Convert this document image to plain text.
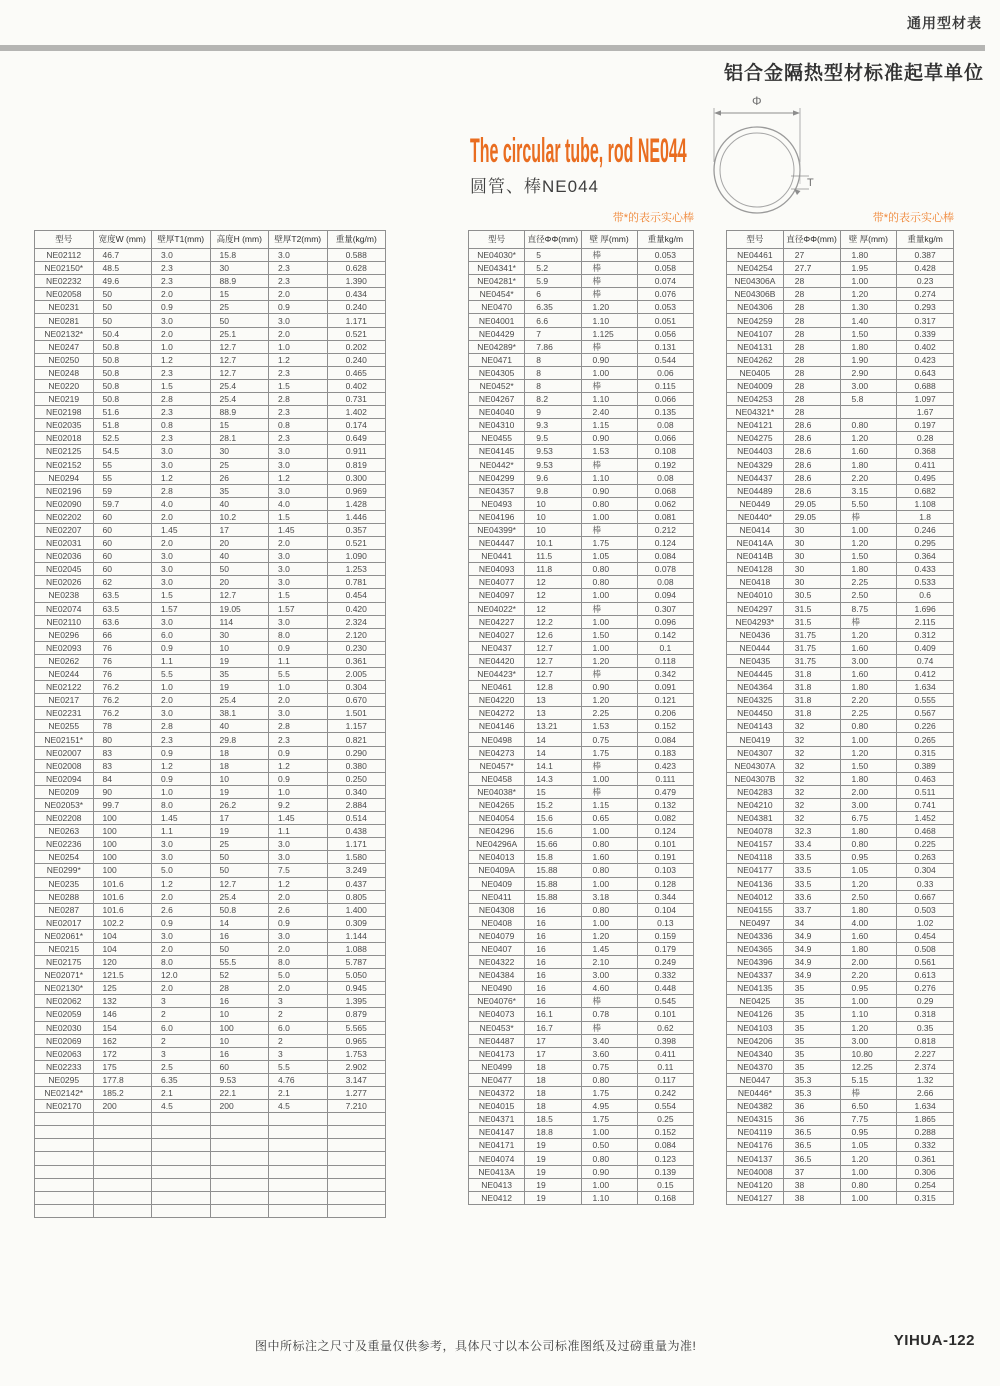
通用型材表
铝合金隔热型材标准起草单位
The circular tube, rod NE044
圆管、棒NE044
Φ
T
带*的表示实心棒	带*的表示实心棒
型号	宽度W (mm)	壁厚T1(mm)	高度H (mm)	壁厚T2(mm)	重量(kg/m)
NE02112	46.7	3.0	15.8	3.0	0.588
NE02150*	48.5	2.3	30	2.3	0.628
NE02232	49.6	2.3	88.9	2.3	1.390
NE02058	50	2.0	15	2.0	0.434
NE0231	50	0.9	25	0.9	0.240
NE0281	50	3.0	50	3.0	1.171
NE02132*	50.4	2.0	25.1	2.0	0.521
NE0247	50.8	1.0	12.7	1.0	0.202
NE0250	50.8	1.2	12.7	1.2	0.240
NE0248	50.8	2.3	12.7	2.3	0.465
NE0220	50.8	1.5	25.4	1.5	0.402
NE0219	50.8	2.8	25.4	2.8	0.731
NE02198	51.6	2.3	88.9	2.3	1.402
NE02035	51.8	0.8	15	0.8	0.174
NE02018	52.5	2.3	28.1	2.3	0.649
NE02125	54.5	3.0	30	3.0	0.911
NE02152	55	3.0	25	3.0	0.819
NE0294	55	1.2	26	1.2	0.300
NE02196	59	2.8	35	3.0	0.969
NE02090	59.7	4.0	40	4.0	1.428
NE02202	60	2.0	10.2	1.5	1.446
NE02207	60	1.45	17	1.45	0.357
NE02031	60	2.0	20	2.0	0.521
NE02036	60	3.0	40	3.0	1.090
NE02045	60	3.0	50	3.0	1.253
NE02026	62	3.0	20	3.0	0.781
NE0238	63.5	1.5	12.7	1.5	0.454
NE02074	63.5	1.57	19.05	1.57	0.420
NE02110	63.6	3.0	114	3.0	2.324
NE0296	66	6.0	30	8.0	2.120
NE02093	76	0.9	10	0.9	0.230
NE0262	76	1.1	19	1.1	0.361
NE0244	76	5.5	35	5.5	2.005
NE02122	76.2	1.0	19	1.0	0.304
NE0217	76.2	2.0	25.4	2.0	0.670
NE02231	76.2	3.0	38.1	3.0	1.501
NE0255	78	2.8	40	2.8	1.157
NE02151*	80	2.3	29.8	2.3	0.821
NE02007	83	0.9	18	0.9	0.290
NE02008	83	1.2	18	1.2	0.380
NE02094	84	0.9	10	0.9	0.250
NE0209	90	1.0	19	1.0	0.340
NE02053*	99.7	8.0	26.2	9.2	2.884
NE02208	100	1.45	17	1.45	0.514
NE0263	100	1.1	19	1.1	0.438
NE02236	100	3.0	25	3.0	1.171
NE0254	100	3.0	50	3.0	1.580
NE0299*	100	5.0	50	7.5	3.249
NE0235	101.6	1.2	12.7	1.2	0.437
NE0288	101.6	2.0	25.4	2.0	0.805
NE0287	101.6	2.6	50.8	2.6	1.400
NE02017	102.2	0.9	14	0.9	0.309
NE02061*	104	3.0	16	3.0	1.144
NE0215	104	2.0	50	2.0	1.088
NE02175	120	8.0	55.5	8.0	5.787
NE02071*	121.5	12.0	52	5.0	5.050
NE02130*	125	2.0	28	2.0	0.945
NE02062	132	3	16	3	1.395
NE02059	146	2	10	2	0.879
NE02030	154	6.0	100	6.0	5.565
NE02069	162	2	10	2	0.965
NE02063	172	3	16	3	1.753
NE02233	175	2.5	60	5.5	2.902
NE0295	177.8	6.35	9.53	4.76	3.147
NE02142*	185.2	2.1	22.1	2.1	1.277
NE02170	200	4.5	200	4.5	7.210

型号	直径ΦΦ(mm)	壁 厚(mm)	重量kg/m
NE04030*	5	棒	0.053
NE04341*	5.2	棒	0.058
NE04281*	5.9	棒	0.074
NE0454*	6	棒	0.076
NE0470	6.35	1.20	0.053
NE04001	6.6	1.10	0.051
NE04429	7	1.125	0.056
NE04289*	7.86	棒	0.131
NE0471	8	0.90	0.544
NE04305	8	1.00	0.06
NE0452*	8	棒	0.115
NE04267	8.2	1.10	0.066
NE04040	9	2.40	0.135
NE04310	9.3	1.15	0.08
NE0455	9.5	0.90	0.066
NE04145	9.53	1.53	0.108
NE0442*	9.53	棒	0.192
NE04299	9.6	1.10	0.08
NE04357	9.8	0.90	0.068
NE0493	10	0.80	0.062
NE04196	10	1.00	0.081
NE04399*	10	棒	0.212
NE04447	10.1	1.75	0.124
NE0441	11.5	1.05	0.084
NE04093	11.8	0.80	0.078
NE04077	12	0.80	0.08
NE04097	12	1.00	0.094
NE04022*	12	棒	0.307
NE04227	12.2	1.00	0.096
NE04027	12.6	1.50	0.142
NE0437	12.7	1.00	0.1
NE04420	12.7	1.20	0.118
NE04423*	12.7	棒	0.342
NE0461	12.8	0.90	0.091
NE04220	13	1.20	0.121
NE04272	13	2.25	0.206
NE04146	13.21	1.53	0.152
NE0498	14	0.75	0.084
NE04273	14	1.75	0.183
NE0457*	14.1	棒	0.423
NE0458	14.3	1.00	0.111
NE04038*	15	棒	0.479
NE04265	15.2	1.15	0.132
NE04054	15.6	0.65	0.082
NE04296	15.6	1.00	0.124
NE04296A	15.66	0.80	0.101
NE04013	15.8	1.60	0.191
NE0409A	15.88	0.80	0.103
NE0409	15.88	1.00	0.128
NE0411	15.88	3.18	0.344
NE04308	16	0.80	0.104
NE0408	16	1.00	0.13
NE04079	16	1.20	0.159
NE0407	16	1.45	0.179
NE04322	16	2.10	0.249
NE04384	16	3.00	0.332
NE0490	16	4.60	0.448
NE04076*	16	棒	0.545
NE04073	16.1	0.78	0.101
NE0453*	16.7	棒	0.62
NE04487	17	3.40	0.398
NE04173	17	3.60	0.411
NE0499	18	0.75	0.11
NE0477	18	0.80	0.117
NE04372	18	1.75	0.242
NE04015	18	4.95	0.554
NE04371	18.5	1.75	0.25
NE04147	18.8	1.00	0.152
NE04171	19	0.50	0.084
NE04074	19	0.80	0.123
NE0413A	19	0.90	0.139
NE0413	19	1.00	0.15
NE0412	19	1.10	0.168
型号	直径ΦΦ(mm)	壁 厚(mm)	重量kg/m
NE04461	27	1.80	0.387
NE04254	27.7	1.95	0.428
NE04306A	28	1.00	0.23
NE04306B	28	1.20	0.274
NE04306	28	1.30	0.293
NE04259	28	1.40	0.317
NE04107	28	1.50	0.339
NE04131	28	1.80	0.402
NE04262	28	1.90	0.423
NE0405	28	2.90	0.643
NE04009	28	3.00	0.688
NE04253	28	5.8	1.097
NE04321*	28		1.67
NE04121	28.6	0.80	0.197
NE04275	28.6	1.20	0.28
NE04403	28.6	1.60	0.368
NE04329	28.6	1.80	0.411
NE04437	28.6	2.20	0.495
NE04489	28.6	3.15	0.682
NE0449	29.05	5.50	1.108
NE0440*	29.05	棒	1.8
NE0414	30	1.00	0.246
NE0414A	30	1.20	0.295
NE0414B	30	1.50	0.364
NE04128	30	1.80	0.433
NE0418	30	2.25	0.533
NE04010	30.5	2.50	0.6
NE04297	31.5	8.75	1.696
NE04293*	31.5	棒	2.115
NE0436	31.75	1.20	0.312
NE0444	31.75	1.60	0.409
NE0435	31.75	3.00	0.74
NE04445	31.8	1.60	0.412
NE04364	31.8	1.80	1.634
NE04325	31.8	2.20	0.555
NE04450	31.8	2.25	0.567
NE04143	32	0.80	0.226
NE0419	32	1.00	0.265
NE04307	32	1.20	0.315
NE04307A	32	1.50	0.389
NE04307B	32	1.80	0.463
NE04283	32	2.00	0.511
NE04210	32	3.00	0.741
NE04381	32	6.75	1.452
NE04078	32.3	1.80	0.468
NE04157	33.4	0.80	0.225
NE04118	33.5	0.95	0.263
NE04177	33.5	1.05	0.304
NE04136	33.5	1.20	0.33
NE04012	33.6	2.50	0.667
NE04155	33.7	1.80	0.503
NE0497	34	4.00	1.02
NE04336	34.9	1.60	0.454
NE04365	34.9	1.80	0.508
NE04396	34.9	2.00	0.561
NE04337	34.9	2.20	0.613
NE04135	35	0.95	0.276
NE0425	35	1.00	0.29
NE04126	35	1.10	0.318
NE04103	35	1.20	0.35
NE04206	35	3.00	0.818
NE04340	35	10.80	2.227
NE04370	35	12.25	2.374
NE0447	35.3	5.15	1.32
NE0446*	35.3	棒	2.66
NE04382	36	6.50	1.634
NE04315	36	7.75	1.865
NE04119	36.5	0.95	0.288
NE04176	36.5	1.05	0.332
NE04137	36.5	1.20	0.361
NE04008	37	1.00	0.306
NE04120	38	0.80	0.254
NE04127	38	1.00	0.315
图中所标注之尺寸及重量仅供参考，具体尺寸以本公司标准图纸及过磅重量为准!	YIHUA-122
